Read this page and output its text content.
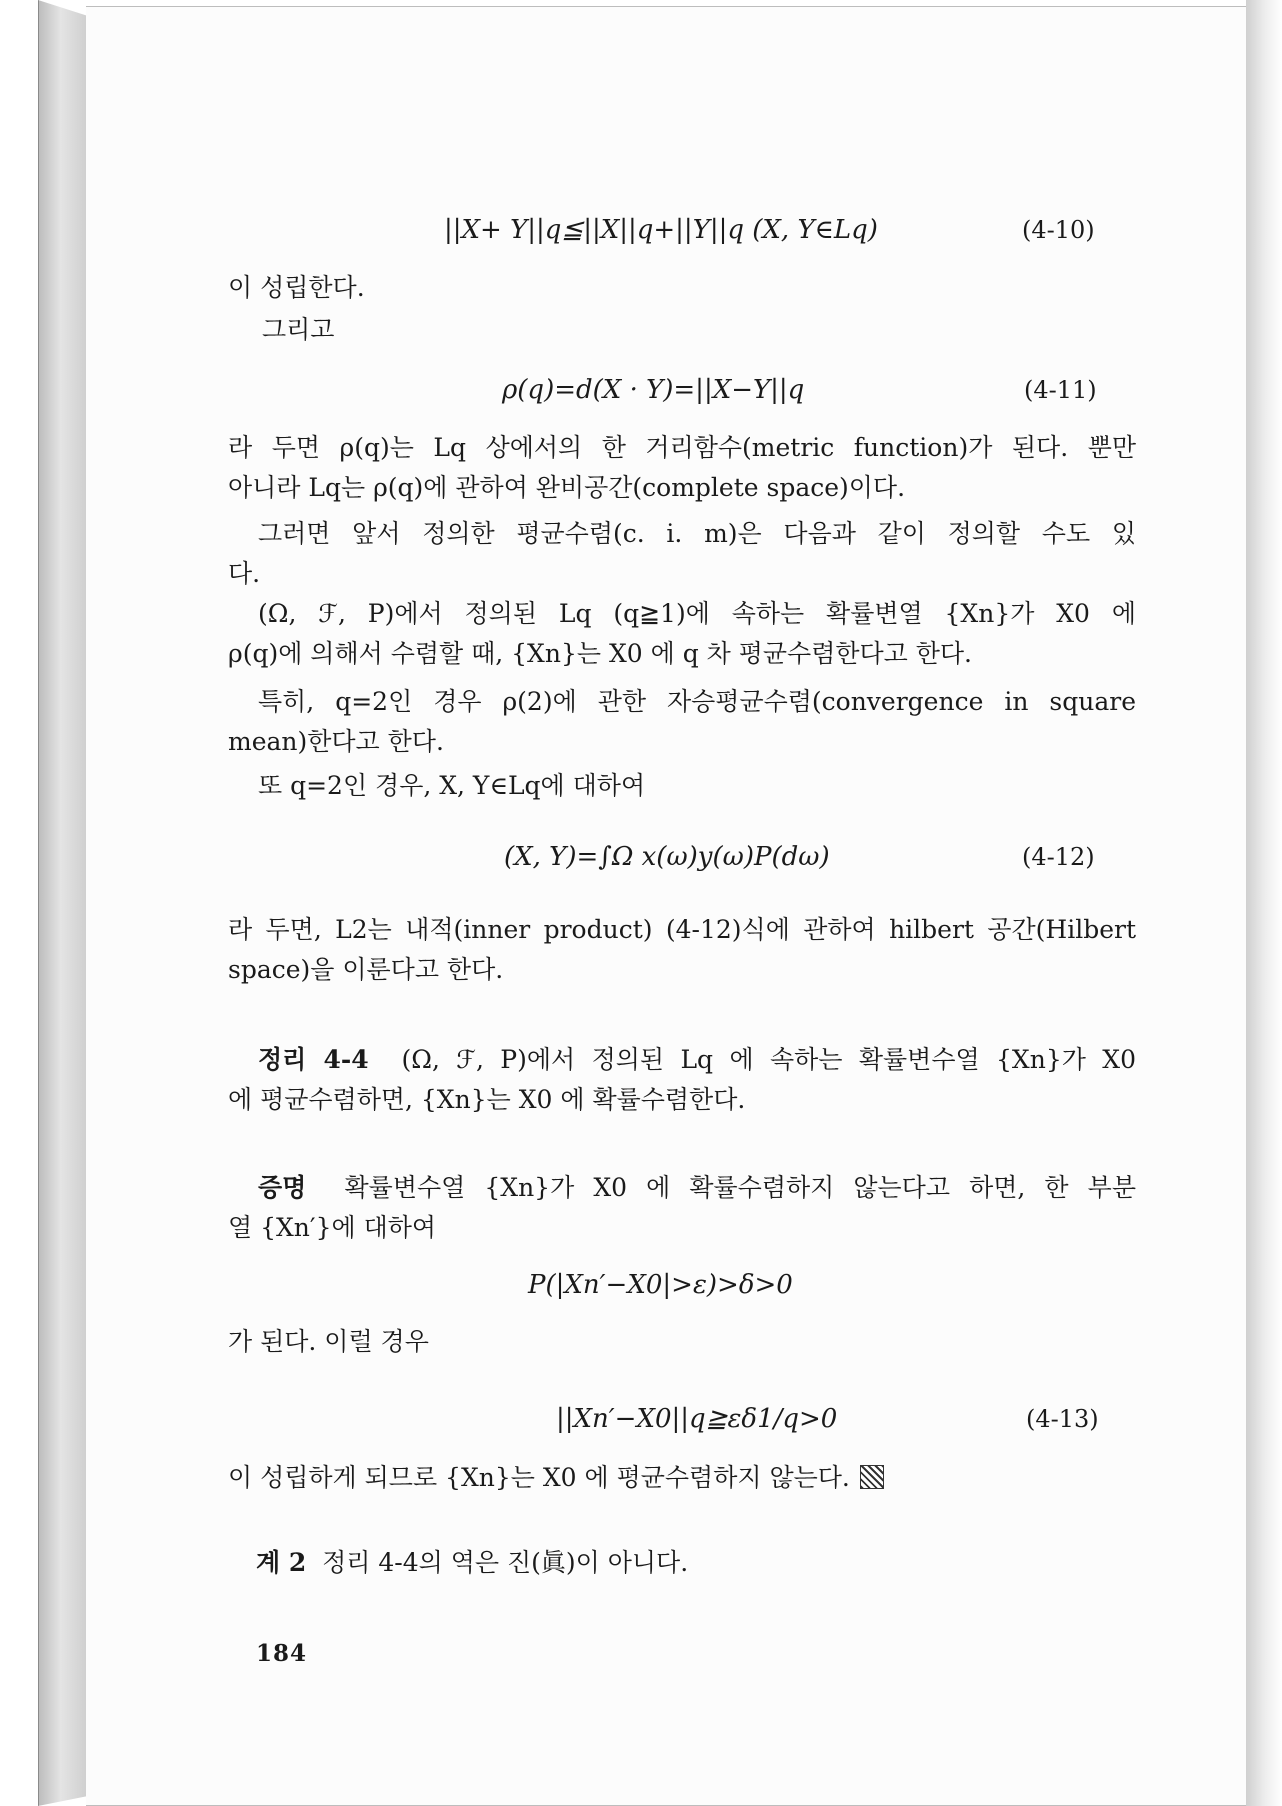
||X+ Y||q≦||X||q+||Y||q (X, Y∈Lq)	(4-10)
이 성립한다.
그리고
ρ(q)=d(X · Y)=||X−Y||q	(4-11)
라 두면 ρ(q)는 Lq 상에서의 한 거리함수(metric function)가 된다. 뿐만
아니라 Lq는 ρ(q)에 관하여 완비공간(complete space)이다.
그러면 앞서 정의한 평균수렴(c. i. m)은 다음과 같이 정의할 수도 있
다.
(Ω, ℱ, P)에서 정의된 Lq (q≧1)에 속하는 확률변열 {Xn}가 X0 에
ρ(q)에 의해서 수렴할 때, {Xn}는 X0 에 q 차 평균수렴한다고 한다.
특히, q=2인 경우 ρ(2)에 관한 자승평균수렴(convergence in square
mean)한다고 한다.
또 q=2인 경우, X, Y∈Lq에 대하여
(X, Y)=∫Ω x(ω)y(ω)P(dω)	(4-12)
라 두면, L2는 내적(inner product) (4-12)식에 관하여 hilbert 공간(Hilbert
space)을 이룬다고 한다.
정리 4-4 (Ω, ℱ, P)에서 정의된 Lq 에 속하는 확률변수열 {Xn}가 X0
에 평균수렴하면, {Xn}는 X0 에 확률수렴한다.
증명 확률변수열 {Xn}가 X0 에 확률수렴하지 않는다고 하면, 한 부분
열 {Xn′}에 대하여
P(|Xn′−X0|>ε)>δ>0
가 된다. 이럴 경우
||Xn′−X0||q≧εδ1/q>0	(4-13)
이 성립하게 되므로 {Xn}는 X0 에 평균수렴하지 않는다.
계 2 정리 4-4의 역은 진(眞)이 아니다.
184
